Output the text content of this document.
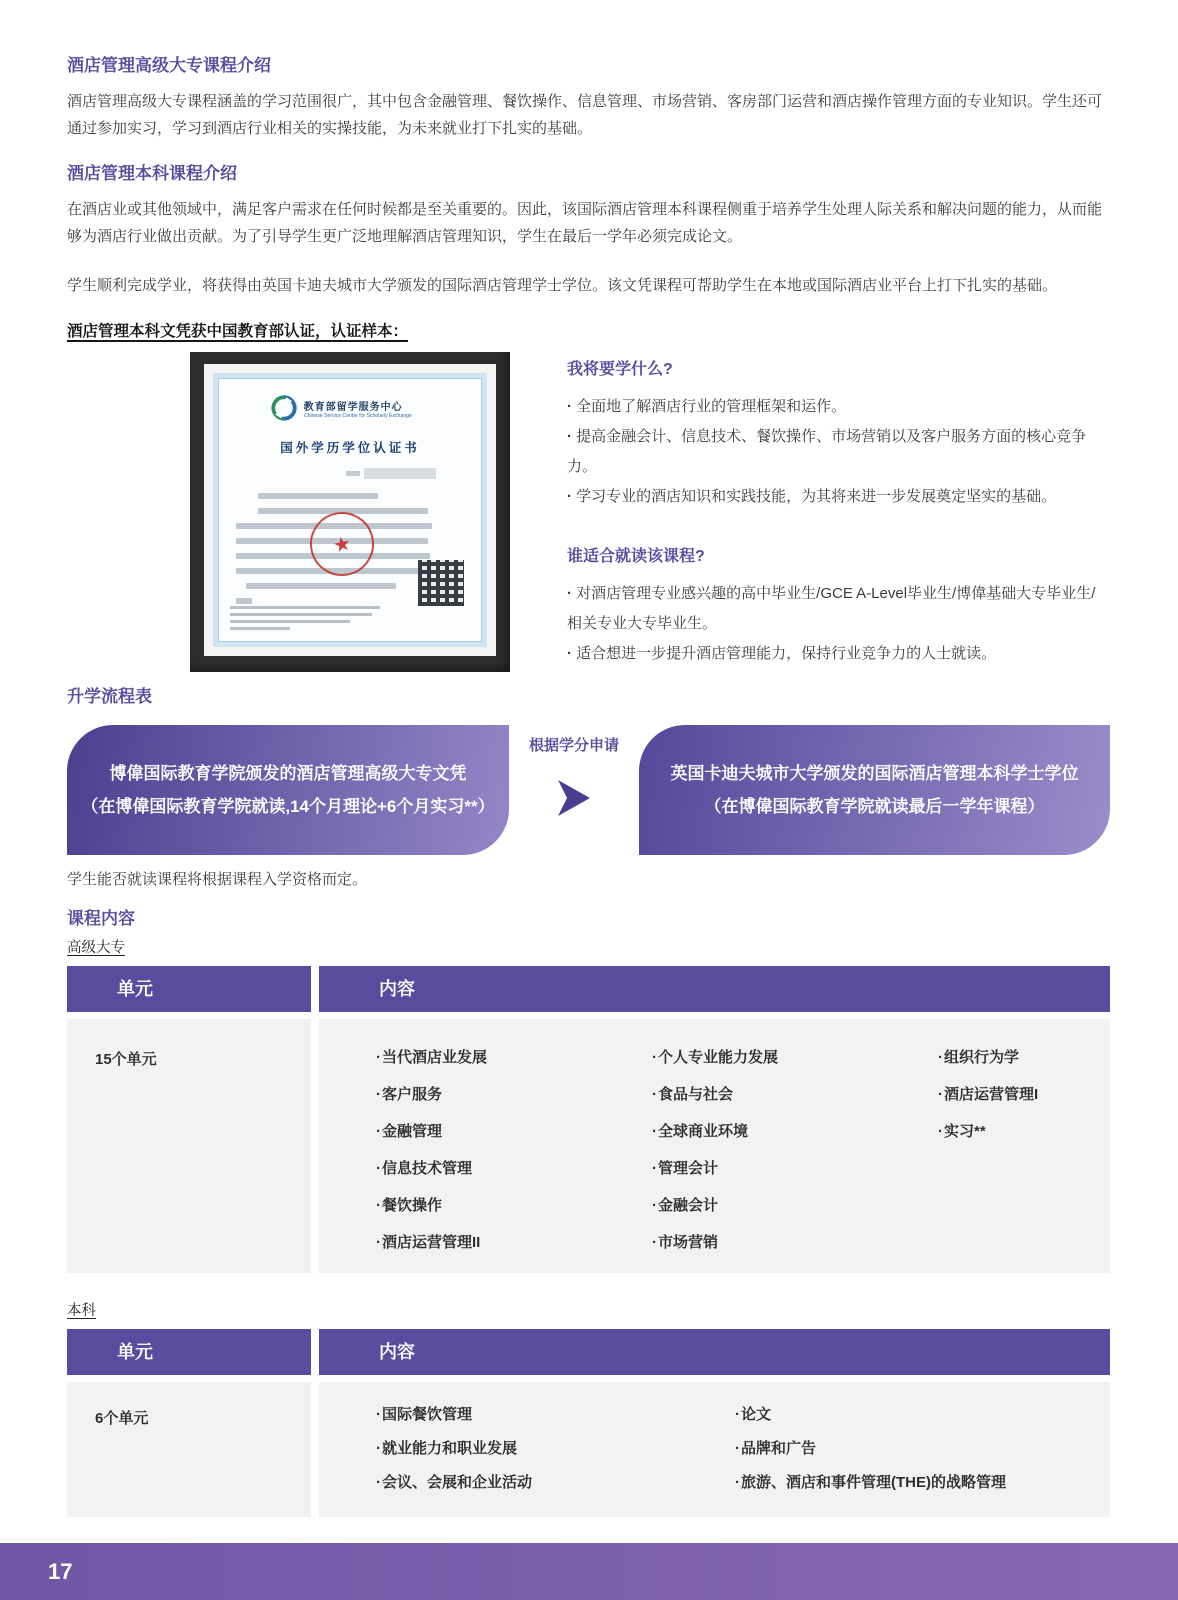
酒店管理高级大专课程介绍

酒店管理高级大专课程涵盖的学习范围很广，其中包含金融管理、餐饮操作、信息管理、市场营销、客房部门运营和酒店操作管理方面的专业知识。学生还可通过参加实习，学习到酒店行业相关的实操技能，为未来就业打下扎实的基础。

酒店管理本科课程介绍

在酒店业或其他领域中，满足客户需求在任何时候都是至关重要的。因此，该国际酒店管理本科课程侧重于培养学生处理人际关系和解决问题的能力，从而能够为酒店行业做出贡献。为了引导学生更广泛地理解酒店管理知识，学生在最后一学年必须完成论文。

学生顺利完成学业，将获得由英国卡迪夫城市大学颁发的国际酒店管理学士学位。该文凭课程可帮助学生在本地或国际酒店业平台上打下扎实的基础。

酒店管理本科文凭获中国教育部认证，认证样本：
教育部留学服务中心
Chinese Service Center for Scholarly Exchange
国外学历学位认证书
★
我将要学什么?
· 全面地了解酒店行业的管理框架和运作。
· 提高金融会计、信息技术、餐饮操作、市场营销以及客户服务方面的核心竞争力。
· 学习专业的酒店知识和实践技能，为其将来进一步发展奠定坚实的基础。
谁适合就读该课程?
· 对酒店管理专业感兴趣的高中毕业生/GCE A-Level毕业生/博偉基础大专毕业生/相关专业大专毕业生。
· 适合想进一步提升酒店管理能力，保持行业竞争力的人士就读。
升学流程表
博偉国际教育学院颁发的酒店管理高级大专文凭
（在博偉国际教育学院就读,14个月理论+6个月实习**）
根据学分申请
英国卡迪夫城市大学颁发的国际酒店管理本科学士学位
（在博偉国际教育学院就读最后一学年课程）
学生能否就读课程将根据课程入学资格而定。
课程内容
高级大专
单元	内容
15个单元	· 当代酒店业发展
· 客户服务
· 金融管理
· 信息技术管理
· 餐饮操作
· 酒店运营管理II
· 个人专业能力发展
· 食品与社会
· 全球商业环境
· 管理会计
· 金融会计
· 市场营销
· 组织行为学
· 酒店运营管理I
· 实习**
本科
单元	内容
6个单元	· 国际餐饮管理
· 就业能力和职业发展
· 会议、会展和企业活动
· 论文
· 品牌和广告
· 旅游、酒店和事件管理(THE)的战略管理
17
